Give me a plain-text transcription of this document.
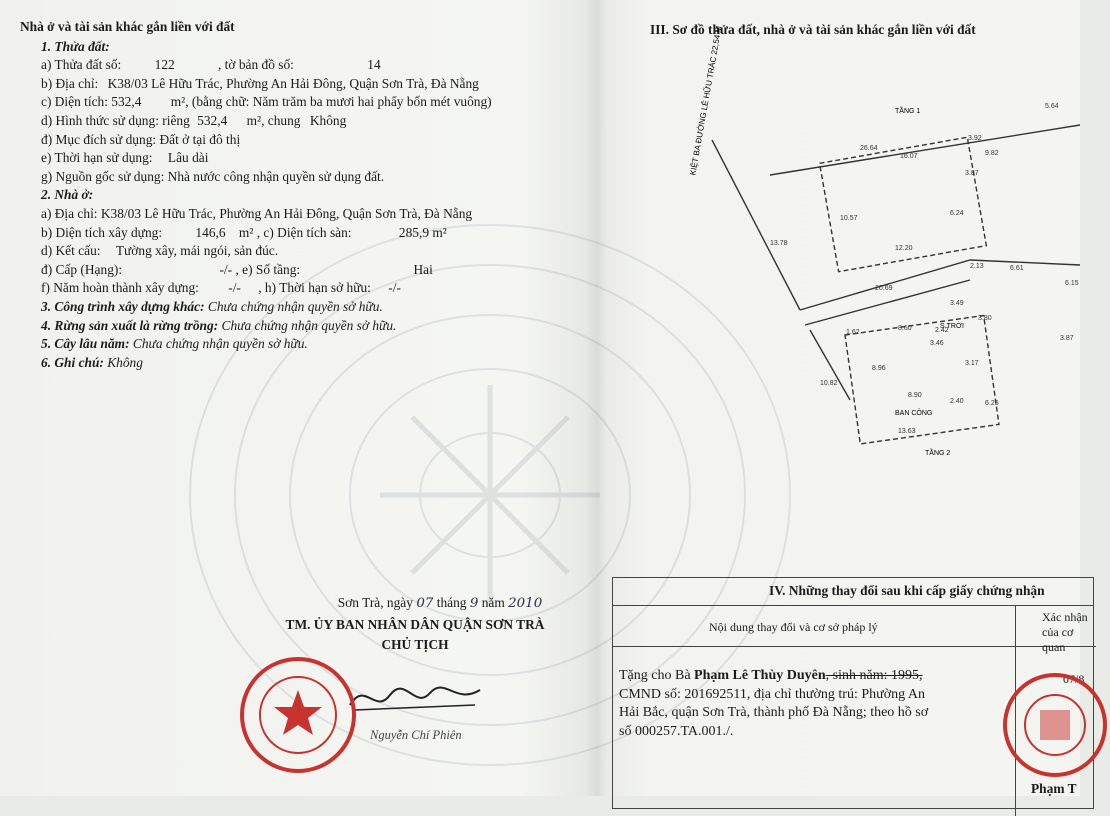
Nhà ở và tài sản khác gắn liền với đất
1. Thửa đất:
a) Thửa đất số: 122	, tờ bản đồ số:	14
b) Địa chỉ: K38/03 Lê Hữu Trác, Phường An Hải Đông, Quận Sơn Trà, Đà Nẵng
c) Diện tích: 532,4 m², (bằng chữ: Năm trăm ba mươi hai phẩy bốn mét vuông)
d) Hình thức sử dụng: riêng 532,4 m², chung Không
đ) Mục đích sử dụng: Đất ở tại đô thị
e) Thời hạn sử dụng: Lâu dài
g) Nguồn gốc sử dụng: Nhà nước công nhận quyền sử dụng đất.
2. Nhà ở:
a) Địa chỉ: K38/03 Lê Hữu Trác, Phường An Hải Đông, Quận Sơn Trà, Đà Nẵng
b) Diện tích xây dựng: 146,6 m² , c) Diện tích sàn:	285,9 m²
d) Kết cấu: Tường xây, mái ngói, sản đúc.
đ) Cấp (Hạng):	-/- , e) Số tầng:	Hai
f) Năm hoàn thành xây dựng: -/- , h) Thời hạn sở hữu: -/-
3. Công trình xây dựng khác: Chưa chứng nhận quyền sở hữu.
4. Rừng sản xuất là rừng trồng: Chưa chứng nhận quyền sở hữu.
5. Cây lâu năm: Chưa chứng nhận quyền sở hữu.
6. Ghi chú: Không
Sơn Trà, ngày 07 tháng 9 năm 2010
TM. ỦY BAN NHÂN DÂN QUẬN SƠN TRÀ
CHỦ TỊCH
Nguyễn Chí Phiên
III. Sơ đồ thửa đất, nhà ở và tài sản khác gắn liền với đất
KIỆT BA ĐƯỜNG LÊ HỮU TRÁC 22,54 M	TẦNG 1
TẦNG 2
BAN CÔNG
S.TRỜI
26.64
5.64
16.07
3.87
9.82
6.24
10.57
12.20
13.78
2.13	6.61
20.69
6.15
3.49
8.60
3.46
1.62	2.42
3.80
10.82
8.96
3.17
3.87
8.90
2.40
13.63
6.25
3.92
IV. Những thay đổi sau khi cấp giấy chứng nhận
Nội dung thay đổi và cơ sở pháp lý
Xác nhận của cơ quan
Tặng cho Bà Phạm Lê Thùy Duyên, sinh năm: 1995,
CMND số: 201692511, địa chỉ thường trú: Phường An
Hải Bắc, quận Sơn Trà, thành phố Đà Nẵng; theo hồ sơ
số 000257.TA.001./.
07/8
Phạm T
